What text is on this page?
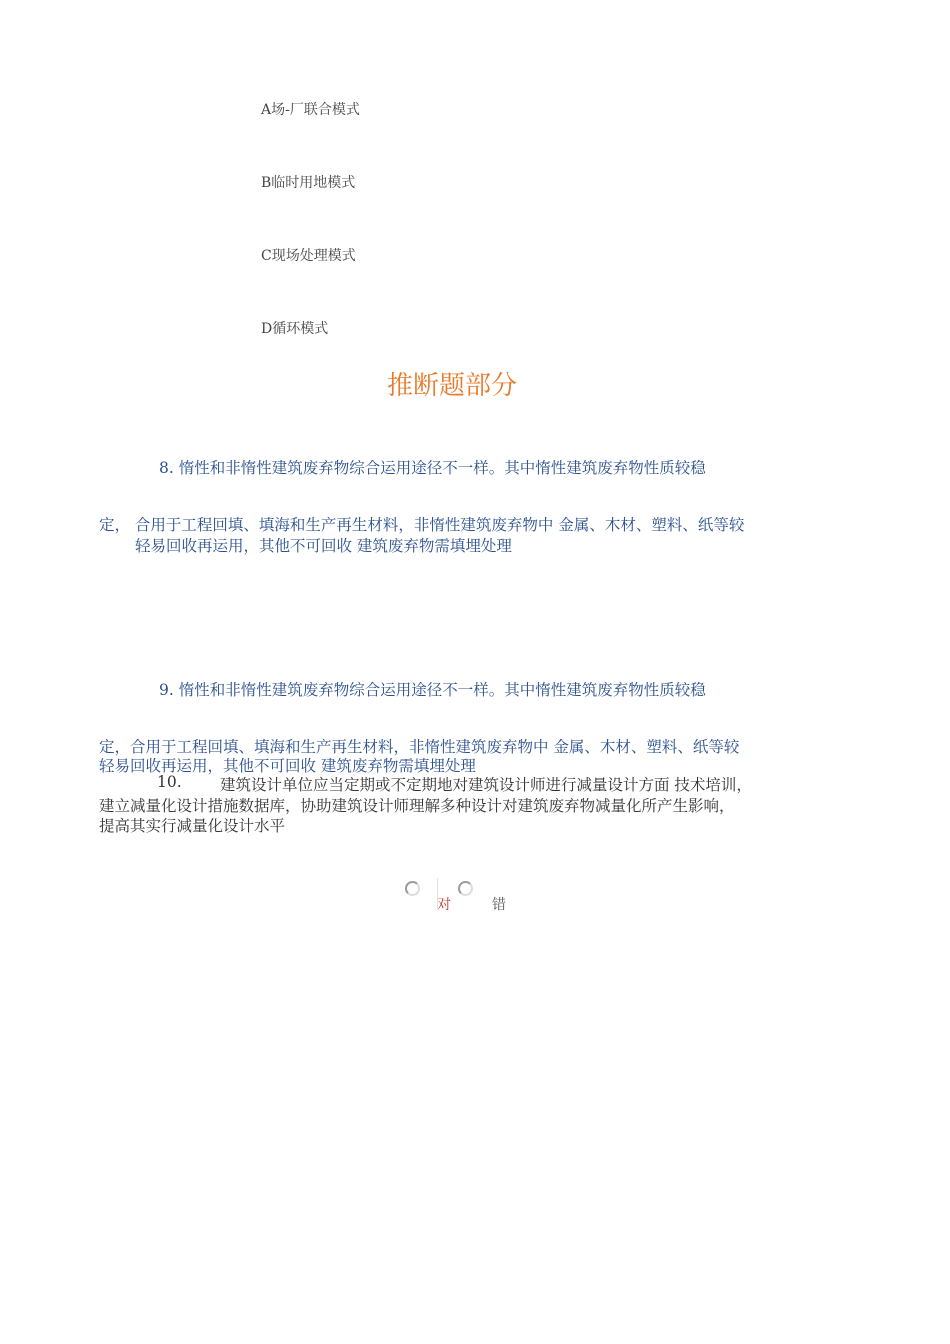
A场-厂联合模式
B临时用地模式
C现场处理模式
D循环模式
推断题部分
8. 惰性和非惰性建筑废弃物综合运用途径不一样。其中惰性建筑废弃物性质较稳
定， 合用于工程回填、填海和生产再生材料，非惰性建筑废弃物中 金属、木材、塑料、纸等较
轻易回收再运用，其他不可回收 建筑废弃物需填埋处理
9. 惰性和非惰性建筑废弃物综合运用途径不一样。其中惰性建筑废弃物性质较稳
定，合用于工程回填、填海和生产再生材料，非惰性建筑废弃物中 金属、木材、塑料、纸等较
轻易回收再运用，其他不可回收 建筑废弃物需填埋处理
10. 建筑设计单位应当定期或不定期地对建筑设计师进行减量设计方面 技术培训，
建立减量化设计措施数据库，协助建筑设计师理解多种设计对建筑废弃物减量化所产生影响，
提高其实行减量化设计水平
对	错
